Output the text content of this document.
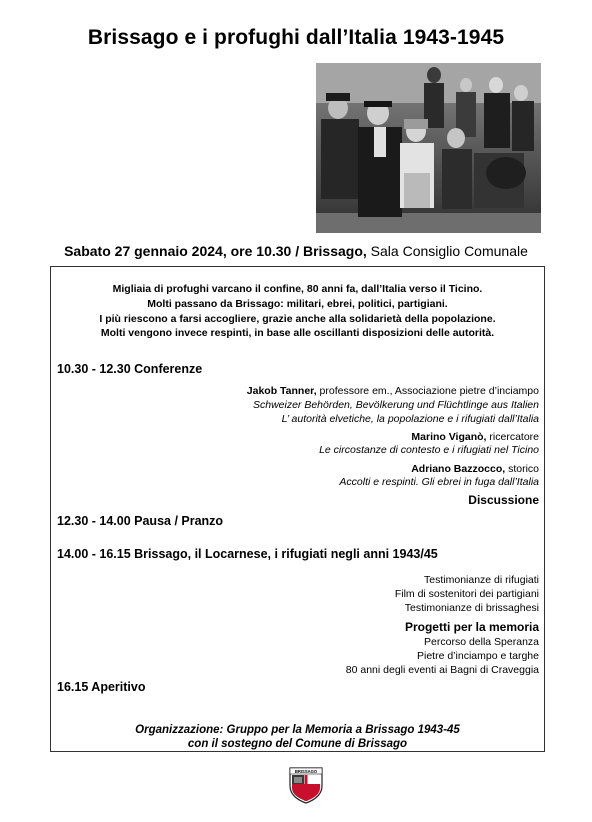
Brissago e i profughi dall’Italia 1943-1945
Sabato 27 gennaio 2024, ore 10.30 / Brissago, Sala Consiglio Comunale
Migliaia di profughi varcano il confine, 80 anni fa, dall’Italia verso il Ticino.
Molti passano da Brissago: militari, ebrei, politici, partigiani.
I più riescono a farsi accogliere, grazie anche alla solidarietà della popolazione.
Molti vengono invece respinti, in base alle oscillanti disposizioni delle autorità.
10.30 - 12.30 Conferenze
Jakob Tanner, professore em., Associazione pietre d’inciampo
Schweizer Behörden, Bevölkerung und Flüchtlinge aus Italien
L’ autorità elvetiche, la popolazione e i rifugiati dall’Italia
Marino Viganò, ricercatore
Le circostanze di contesto e i rifugiati nel Ticino
Adriano Bazzocco, storico
Accolti e respinti. Gli ebrei in fuga dall’Italia
Discussione
12.30 - 14.00 Pausa / Pranzo
14.00 - 16.15 Brissago, il Locarnese, i rifugiati negli anni 1943/45
Testimonianze di rifugiati
Film di sostenitori dei partigiani
Testimonianze di brissaghesi
Progetti per la memoria
Percorso della Speranza
Pietre d’inciampo e targhe
80 anni degli eventi ai Bagni di Craveggia
16.15 Aperitivo
Organizzazione: Gruppo per la Memoria a Brissago 1943-45
con il sostegno del Comune di Brissago
BRISSAGO
